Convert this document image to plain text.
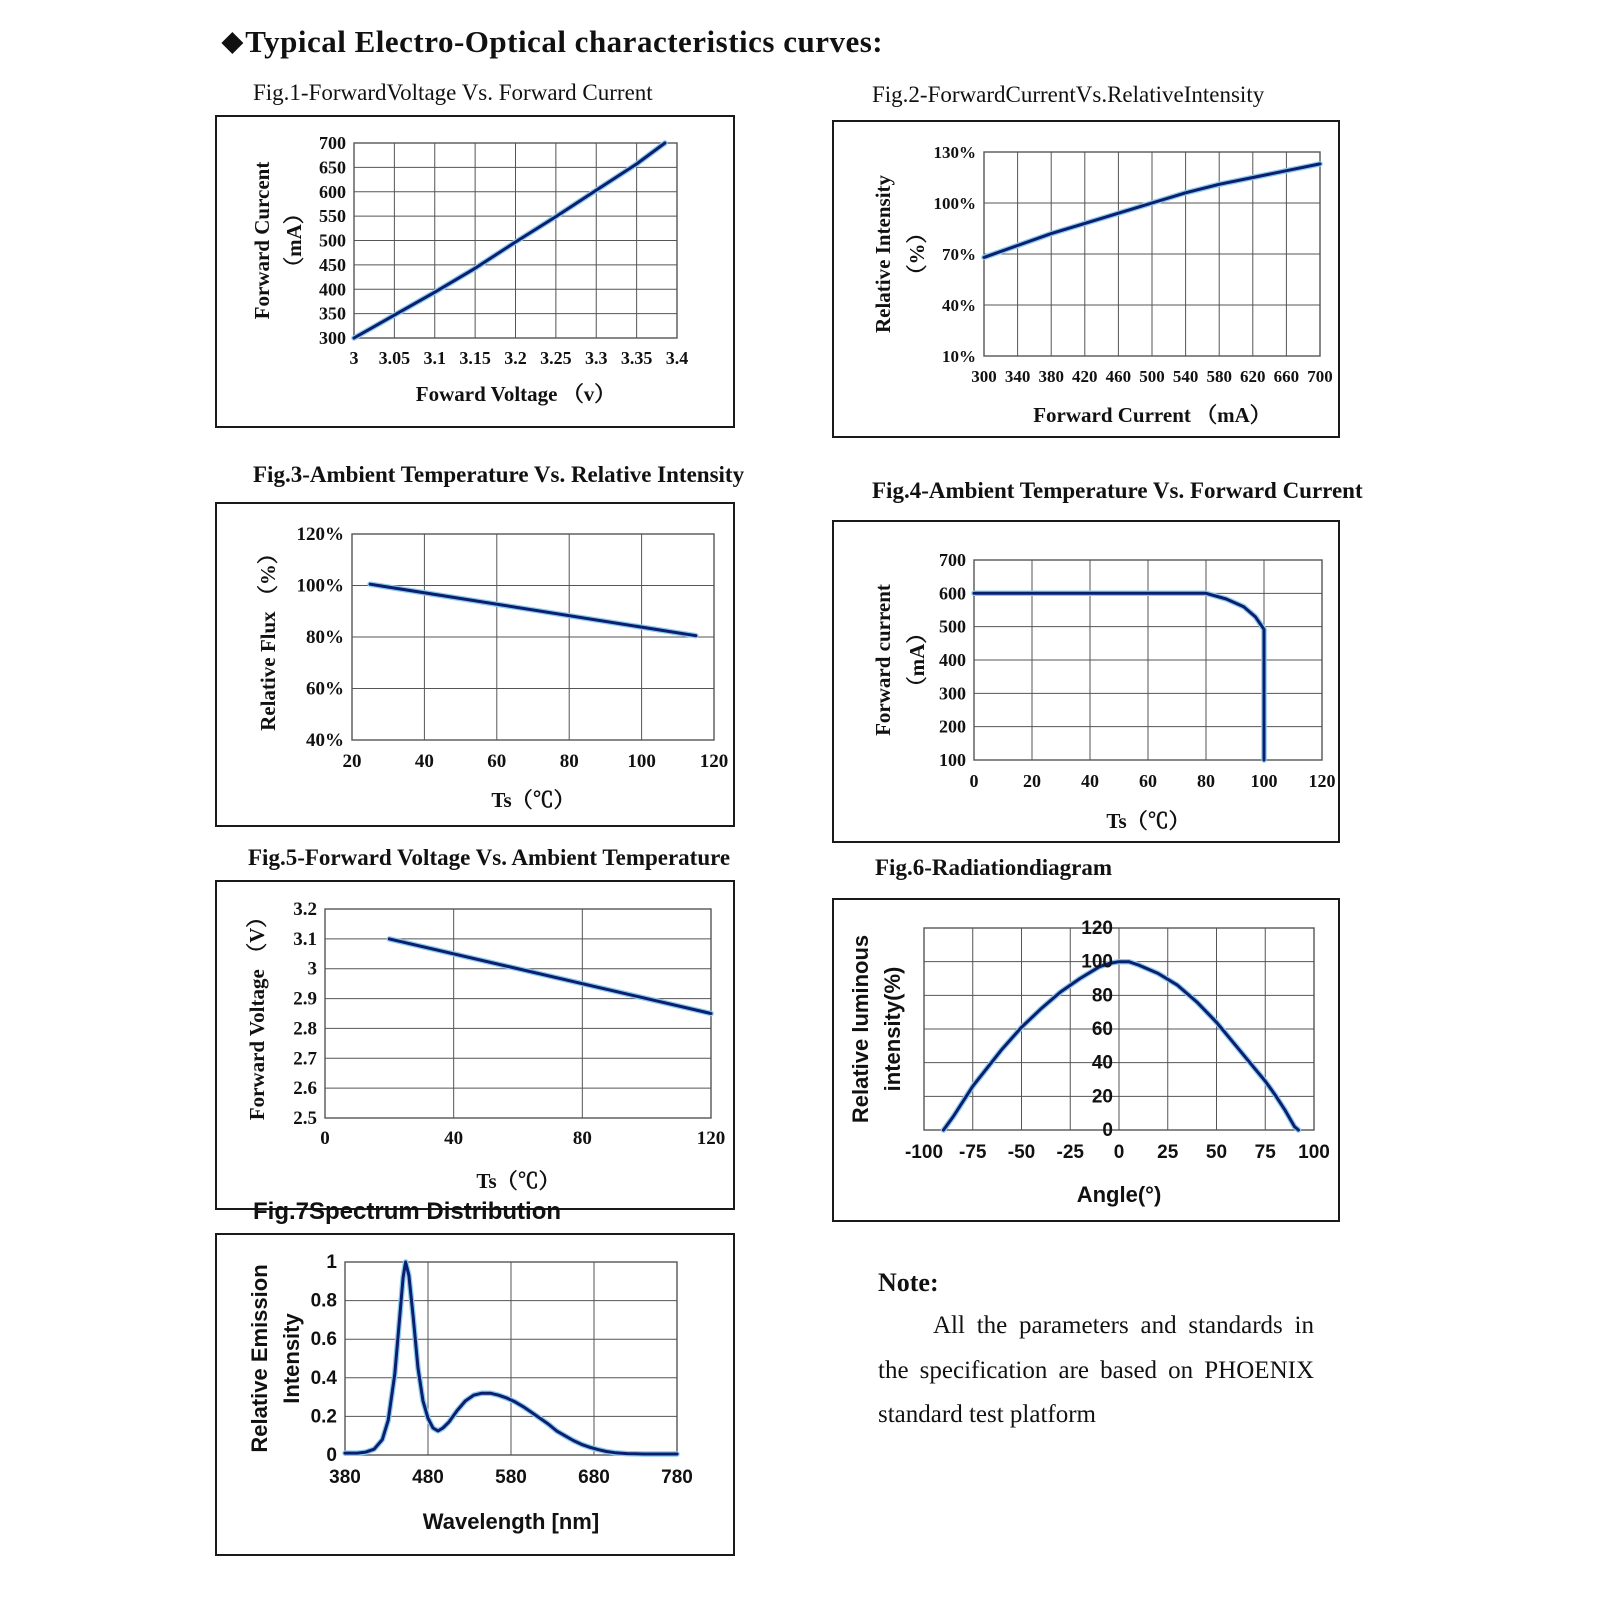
◆Typical Electro-Optical characteristics curves:
Fig.1-ForwardVoltage Vs. Forward Current
300
350
400
450
500
550
600
650
700
3 3.05 3.1 3.15 3.2 3.25 3.3 3.35 3.4
Foward Voltage （v）
Forward Curcent （mA）
Fig.2-ForwardCurrentVs.RelativeIntensity
10%
40%
70%
100%
130%
300 340 380 420 460 500 540 580 620 660 700
Forward Current （mA）
Relative Intensity （%）
Fig.3-Ambient Temperature Vs. Relative Intensity
40%
60%
80%
100%
120%
20	40	60	80	100 120
Ts（℃）
Relative Flux （%）
Fig.4-Ambient Temperature Vs. Forward Current
100
200
300
400
500
600
700
0 20 40 60 80 100 120
Ts（℃）
Forward current （mA）
Fig.5-Forward Voltage Vs. Ambient Temperature
2.5
2.6
2.7
2.8
2.9
3
3.1
3.2
0	40	80	120
Ts（℃）
Forward Voltage （V）
Fig.6-Radiationdiagram
0
20
40
60
80
100
120
-100 -75 -50 -25 0 25 50 75 100
Angle(°)
Relative luminous intensity(%)
Fig.7Spectrum Distribution
0
0.2
0.4
0.6
0.8
1
380	480	580	680	780
Wavelength [nm]
Relative Emission Intensity

Note:

All the parameters and standards in the specification are based on PHOENIX standard test platform
